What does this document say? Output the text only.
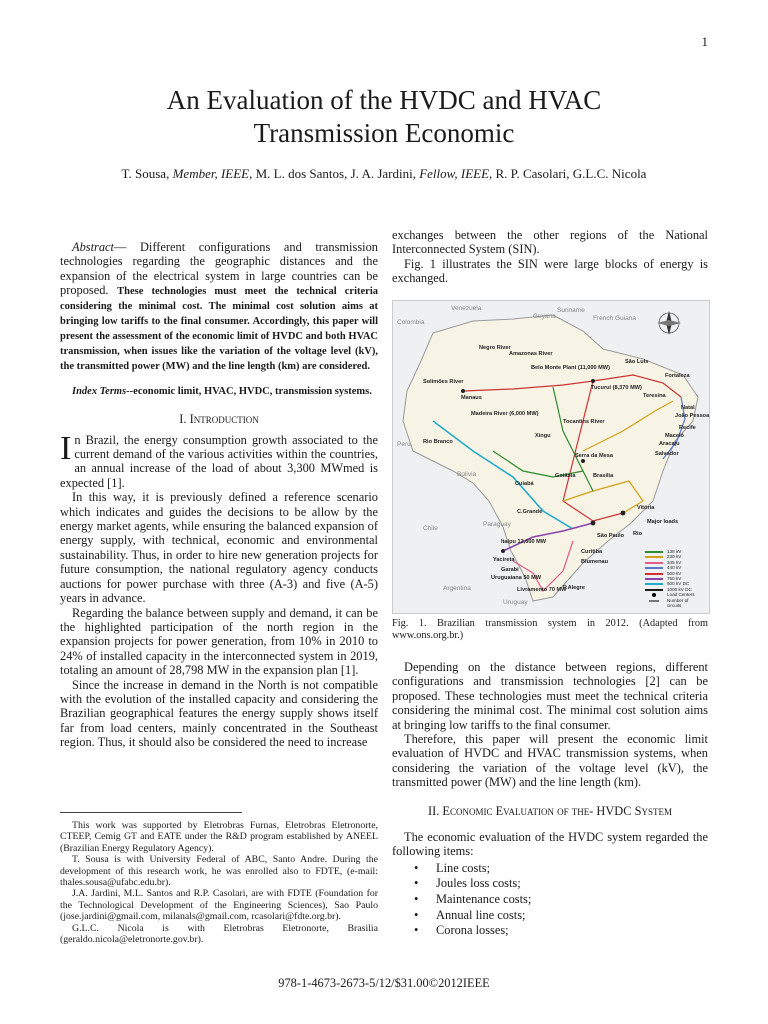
1
An Evaluation of the HVDC and HVAC
Transmission Economic
T. Sousa, Member, IEEE, M. L. dos Santos, J. A. Jardini, Fellow, IEEE, R. P. Casolari, G.L.C. Nicola

Abstract— Different configurations and transmission technologies regarding the geographic distances and the expansion of the electrical system in large countries can be proposed. These technologies must meet the technical criteria considering the minimal cost. The minimal cost solution aims at bringing low tariffs to the final consumer. Accordingly, this paper will present the assessment of the economic limit of HVDC and both HVAC transmission, when issues like the variation of the voltage level (kV), the transmitted power (MW) and the line length (km) are considered.

Index Terms--economic limit, HVAC, HVDC, transmission systems.

I. Introduction

In Brazil, the energy consumption growth associated to the current demand of the various activities within the countries, an annual increase of the load of about 3,300 MWmed is expected [1].

In this way, it is previously defined a reference scenario which indicates and guides the decisions to be allow by the energy market agents, while ensuring the balanced expansion of energy supply, with technical, economic and environmental sustainability. Thus, in order to hire new generation projects for future consumption, the national regulatory agency conducts auctions for power purchase with three (A-3) and five (A-5) years in advance.

Regarding the balance between supply and demand, it can be the highlighted participation of the north region in the expansion projects for power generation, from 10% in 2010 to 24% of installed capacity in the interconnected system in 2019, totaling an amount of 28,798 MW in the expansion plan [1].

Since the increase in demand in the North is not compatible with the evolution of the installed capacity and considering the Brazilian geographical features the energy supply shows itself far from load centers, mainly concentrated in the Southeast region. Thus, it should also be considered the need to increase

This work was supported by Eletrobras Furnas, Eletrobras Eletronorte, CTEEP, Cemig GT and EATE under the R&D program established by ANEEL (Brazilian Energy Regulatory Agency).

T. Sousa is with University Federal of ABC, Santo Andre. During the development of this research work, he was enrolled also to FDTE, (e-mail: thales.sousa@ufabc.edu.br).

J.A. Jardini, M.L. Santos and R.P. Casolari, are with FDTE (Foundation for the Technological Development of the Engineering Sciences), Sao Paulo (jose.jardini@gmail.com, milanals@gmail.com, rcasolari@fdte.org.br).

G.L.C. Nicola is with Eletrobras Eletronorte, Brasilia (geraldo.nicola@eletronorte.gov.br).

exchanges between the other regions of the National Interconnected System (SIN).

Fig. 1 illustrates the SIN were large blocks of energy is exchanged.

Venezuela
Guyana
Suriname
French Guiana
Colombia
Peru
Bolivia
Chile
Paraguay
Argentina
Uruguay
Negro River
Amazonas River
Belo Monte Plant (11,000 MW)
Tucurui (8,370 MW)
Solimões River
Manaus
Madeira River (6,000 MW)
Tocantins River
Xingu
Rio Branco
São Luis
Fortaleza
Teresina
Natal
João Pessoa
Recife
Maceió
Aracaju
Salvador
Serra da Mesa
Goiânia	Brasília
Cuiabá
C.Grande
Vitória
Major loads
Rio
São Paulo
Itaipu 12,600 MW
Yacireta
Garabi
Uruguaiana 50 MW
Livramento 70 MW
Curitiba
Blumenau
P.Alegre
138 kV
230 kV
345 kV
440 kV
500 kV
750 kV
600 kV DC
1000 kV DC
Load Centers
Number of circuits
Fig. 1. Brazilian transmission system in 2012. (Adapted from www.ons.org.br.)

Depending on the distance between regions, different configurations and transmission technologies [2] can be proposed. These technologies must meet the technical criteria considering the minimal cost. The minimal cost solution aims at bringing low tariffs to the final consumer.

Therefore, this paper will present the economic limit evaluation of HVDC and HVAC transmission systems, when considering the variation of the voltage level (kV), the transmitted power (MW) and the line length (km).

II. Economic Evaluation of the- HVDC System

The economic evaluation of the HVDC system regarded the following items:

• Line costs;
• Joules loss costs;
• Maintenance costs;
• Annual line costs;
• Corona losses;
978-1-4673-2673-5/12/$31.00©2012IEEE
